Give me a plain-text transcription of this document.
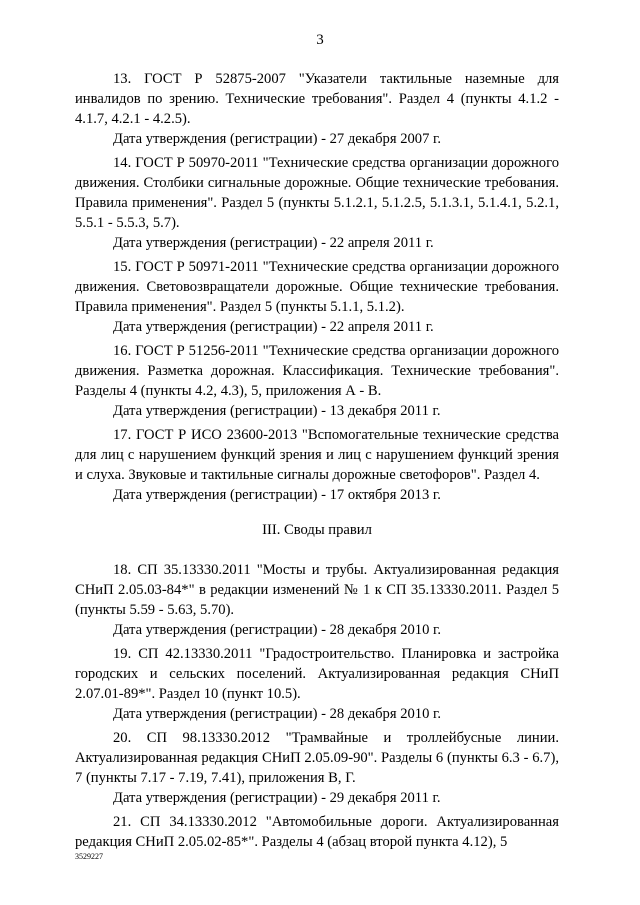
3

13. ГОСТ Р 52875-2007 "Указатели тактильные наземные для инвалидов по зрению. Технические требования". Раздел 4 (пункты 4.1.2 - 4.1.7, 4.2.1 - 4.2.5).

Дата утверждения (регистрации) - 27 декабря 2007 г.

14. ГОСТ Р 50970-2011 "Технические средства организации дорожного движения. Столбики сигнальные дорожные. Общие технические требования. Правила применения". Раздел 5 (пункты 5.1.2.1, 5.1.2.5, 5.1.3.1, 5.1.4.1, 5.2.1, 5.5.1 - 5.5.3, 5.7).

Дата утверждения (регистрации) - 22 апреля 2011 г.

15. ГОСТ Р 50971-2011 "Технические средства организации дорожного движения. Световозвращатели дорожные. Общие технические требования. Правила применения". Раздел 5 (пункты 5.1.1, 5.1.2).

Дата утверждения (регистрации) - 22 апреля 2011 г.

16. ГОСТ Р 51256-2011 "Технические средства организации дорожного движения. Разметка дорожная. Классификация. Технические требования". Разделы 4 (пункты 4.2, 4.3), 5, приложения А - В.

Дата утверждения (регистрации) - 13 декабря 2011 г.

17. ГОСТ Р ИСО 23600-2013 "Вспомогательные технические средства для лиц с нарушением функций зрения и лиц с нарушением функций зрения и слуха. Звуковые и тактильные сигналы дорожные светофоров". Раздел 4.

Дата утверждения (регистрации) - 17 октября 2013 г.

III. Своды правил

18. СП 35.13330.2011 "Мосты и трубы. Актуализированная редакция СНиП 2.05.03-84*" в редакции изменений № 1 к СП 35.13330.2011. Раздел 5 (пункты 5.59 - 5.63, 5.70).

Дата утверждения (регистрации) - 28 декабря 2010 г.

19. СП 42.13330.2011 "Градостроительство. Планировка и застройка городских и сельских поселений. Актуализированная редакция СНиП 2.07.01-89*". Раздел 10 (пункт 10.5).

Дата утверждения (регистрации) - 28 декабря 2010 г.

20. СП 98.13330.2012 "Трамвайные и троллейбусные линии. Актуализированная редакция СНиП 2.05.09-90". Разделы 6 (пункты 6.3 - 6.7), 7 (пункты 7.17 - 7.19, 7.41), приложения В, Г.

Дата утверждения (регистрации) - 29 декабря 2011 г.

21. СП 34.13330.2012 "Автомобильные дороги. Актуализированная редакция СНиП 2.05.02-85*". Разделы 4 (абзац второй пункта 4.12), 5

3529227
